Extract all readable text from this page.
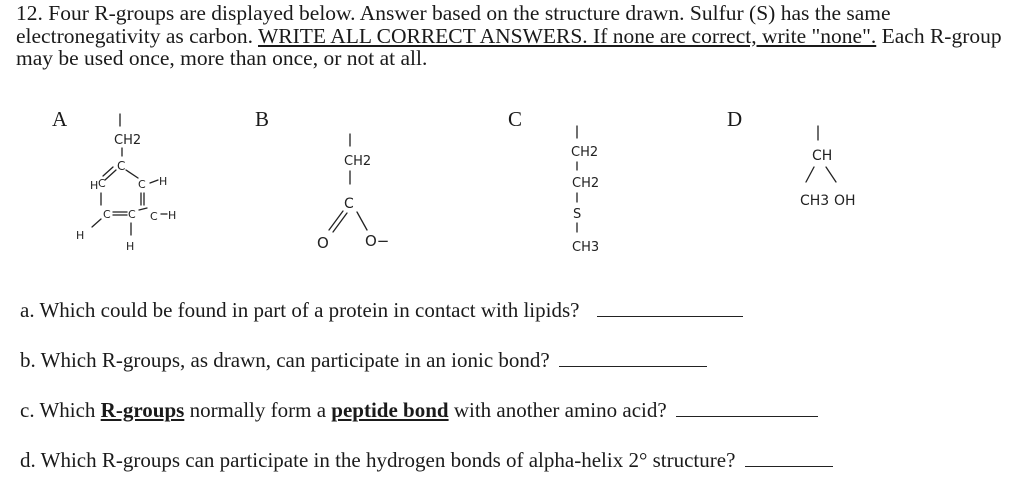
12. Four R-groups are displayed below. Answer based on the structure drawn. Sulfur (S) has the same electronegativity as carbon. WRITE ALL CORRECT ANSWERS. If none are correct, write "none". Each R-group may be used once, more than once, or not at all.
A	B	C	D
CH2
C
H C	C H
C C C H
H
H
CH2
C
O O−
CH2
CH2
S
CH3
CH
CH3 OH
a. Which could be found in part of a protein in contact with lipids?
b. Which R-groups, as drawn, can participate in an ionic bond?
c. Which R-groups normally form a peptide bond with another amino acid?
d. Which R-groups can participate in the hydrogen bonds of alpha-helix 2° structure?
